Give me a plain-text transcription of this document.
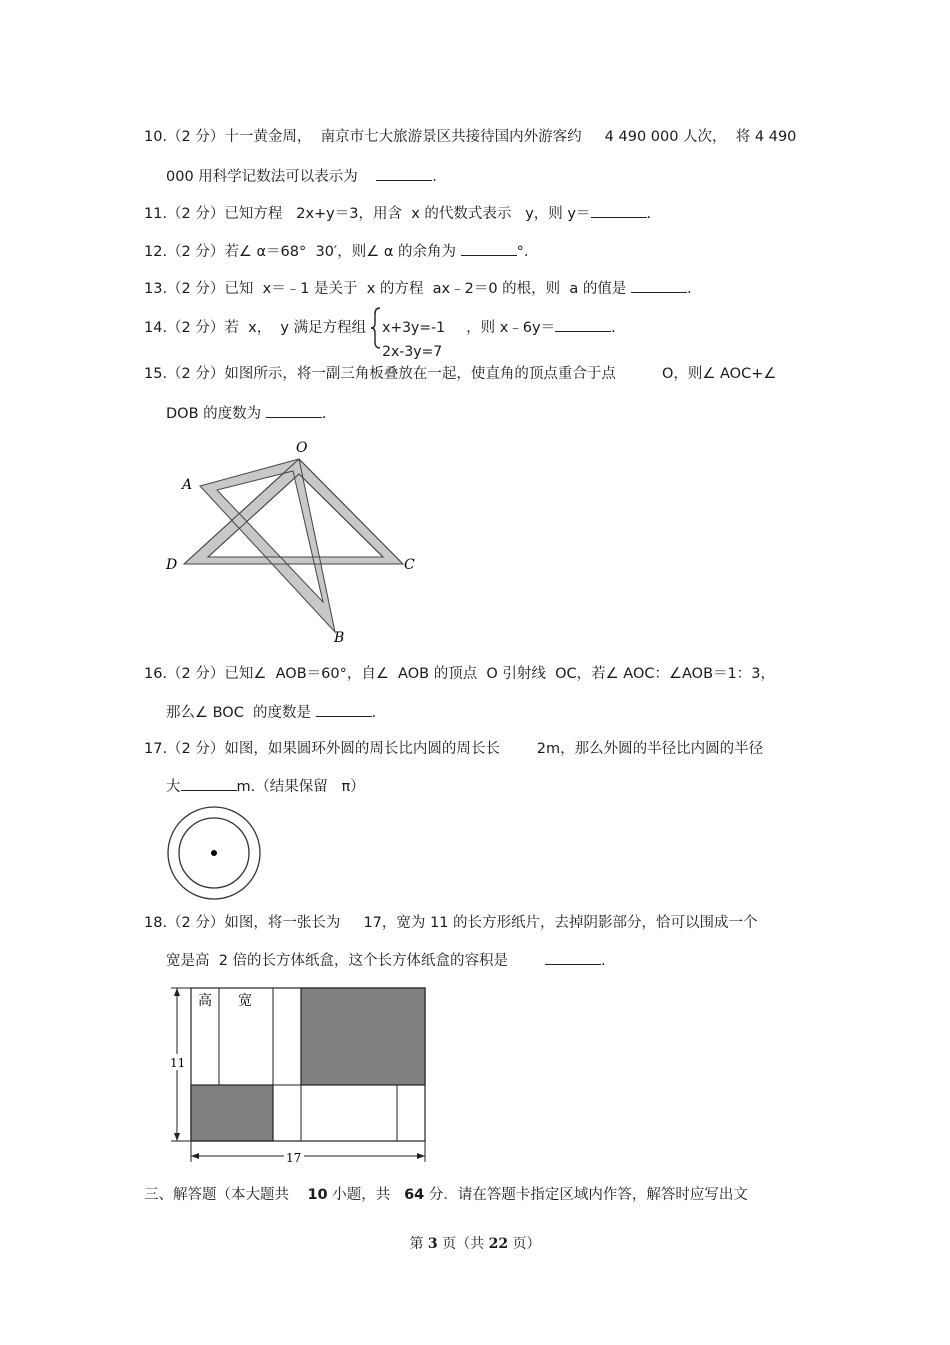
10.（2 分）十一黄金周，  南京市七大旅游景区共接待国内外游客约     4 490 000 人次，  将 4 490
000 用科学记数法可以表示为	.
11.（2 分）已知方程   2x+y＝3，用含  x 的代数式表示   y，则 y＝	.
12.（2 分）若∠ α＝68°  30′，则∠ α 的余角为	°.
13.（2 分）已知  x＝﹣1 是关于  x 的方程  ax﹣2＝0 的根，则  a 的值是	.
14.（2 分）若  x，  y 满足方程组 x+3y=-1
2x-3y=7
，则 x﹣6y＝	.
15.（2 分）如图所示，将一副三角板叠放在一起，使直角的顶点重合于点          O，则∠ AOC+∠
DOB 的度数为	.
O
A
C
D
B
16.（2 分）已知∠  AOB＝60°，自∠  AOB 的顶点  O 引射线  OC，若∠ AOC：∠AOB＝1：3，
那么∠ BOC  的度数是	.
17.（2 分）如图，如果圆环外圆的周长比内圆的周长长        2m，那么外圆的半径比内圆的半径
大	m.（结果保留   π）
18.（2 分）如图，将一张长为     17，宽为 11 的长方形纸片，去掉阴影部分，恰可以围成一个
宽是高  2 倍的长方体纸盒，这个长方体纸盒的容积是	.
高 宽
11
17
三、解答题（本大题共    10 小题，共   64 分．请在答题卡指定区域内作答，解答时应写出文
第 3 页（共 22 页）
